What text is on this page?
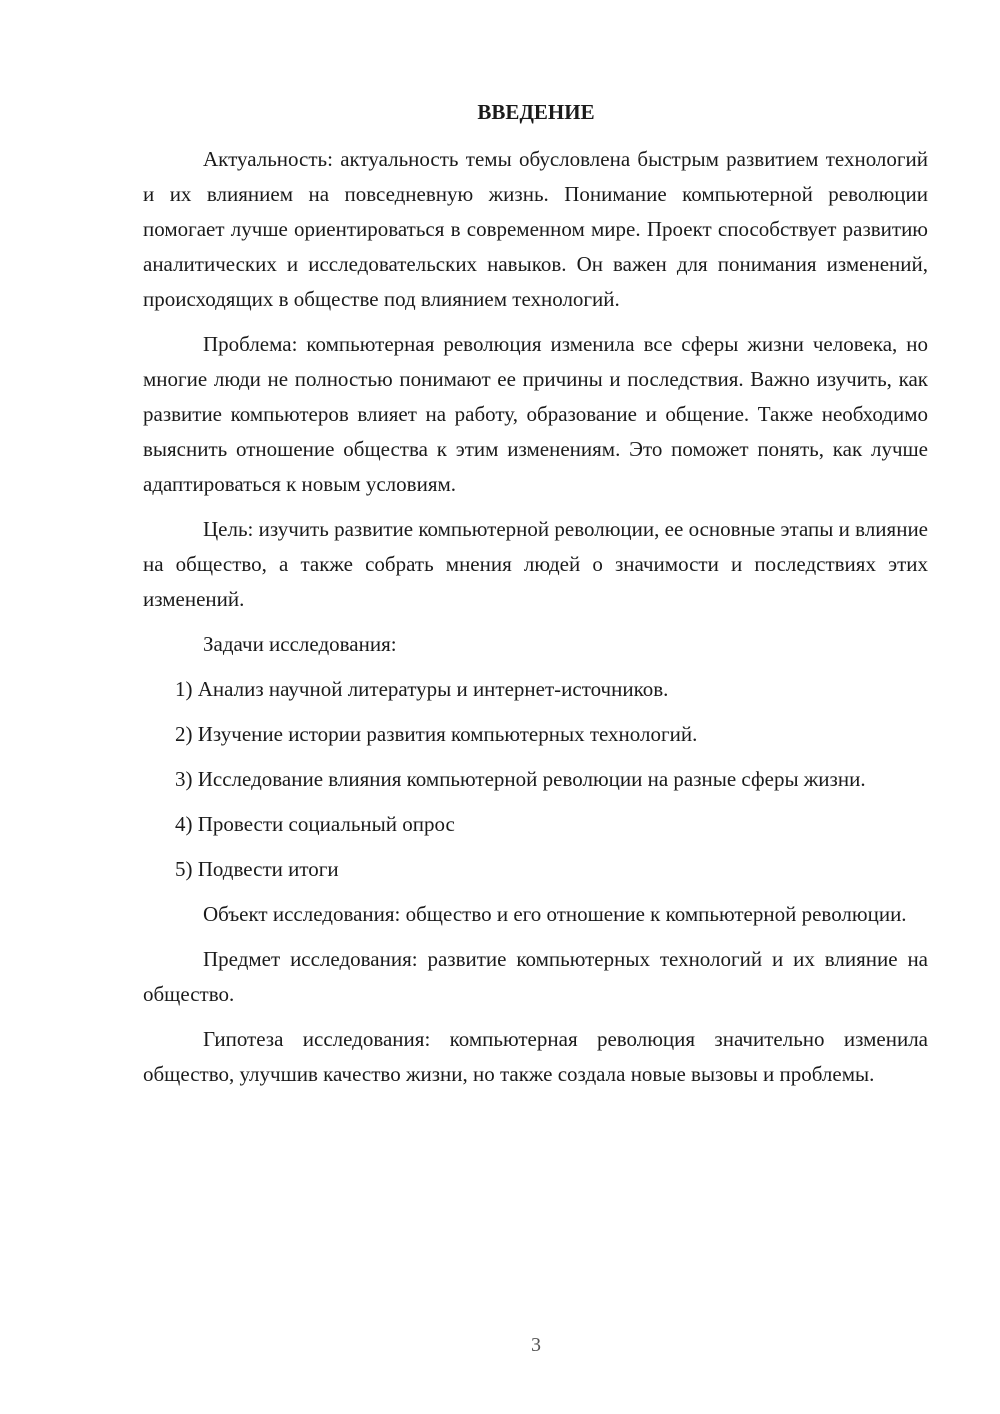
ВВЕДЕНИЕ

Актуальность: актуальность темы обусловлена быстрым развитием технологий и их влиянием на повседневную жизнь. Понимание компьютерной революции помогает лучше ориентироваться в современном мире. Проект способствует развитию аналитических и исследовательских навыков. Он важен для понимания изменений, происходящих в обществе под влиянием технологий.

Проблема: компьютерная революция изменила все сферы жизни человека, но многие люди не полностью понимают ее причины и последствия. Важно изучить, как развитие компьютеров влияет на работу, образование и общение. Также необходимо выяснить отношение общества к этим изменениям. Это поможет понять, как лучше адаптироваться к новым условиям.

Цель: изучить развитие компьютерной революции, ее основные этапы и влияние на общество, а также собрать мнения людей о значимости и последствиях этих изменений.

Задачи исследования:

1) Анализ научной литературы и интернет-источников.

2) Изучение истории развития компьютерных технологий.

3) Исследование влияния компьютерной революции на разные сферы жизни.

4) Провести социальный опрос

5) Подвести итоги

Объект исследования: общество и его отношение к компьютерной революции.

Предмет исследования: развитие компьютерных технологий и их влияние на общество.

Гипотеза исследования: компьютерная революция значительно изменила общество, улучшив качество жизни, но также создала новые вызовы и проблемы.

3
